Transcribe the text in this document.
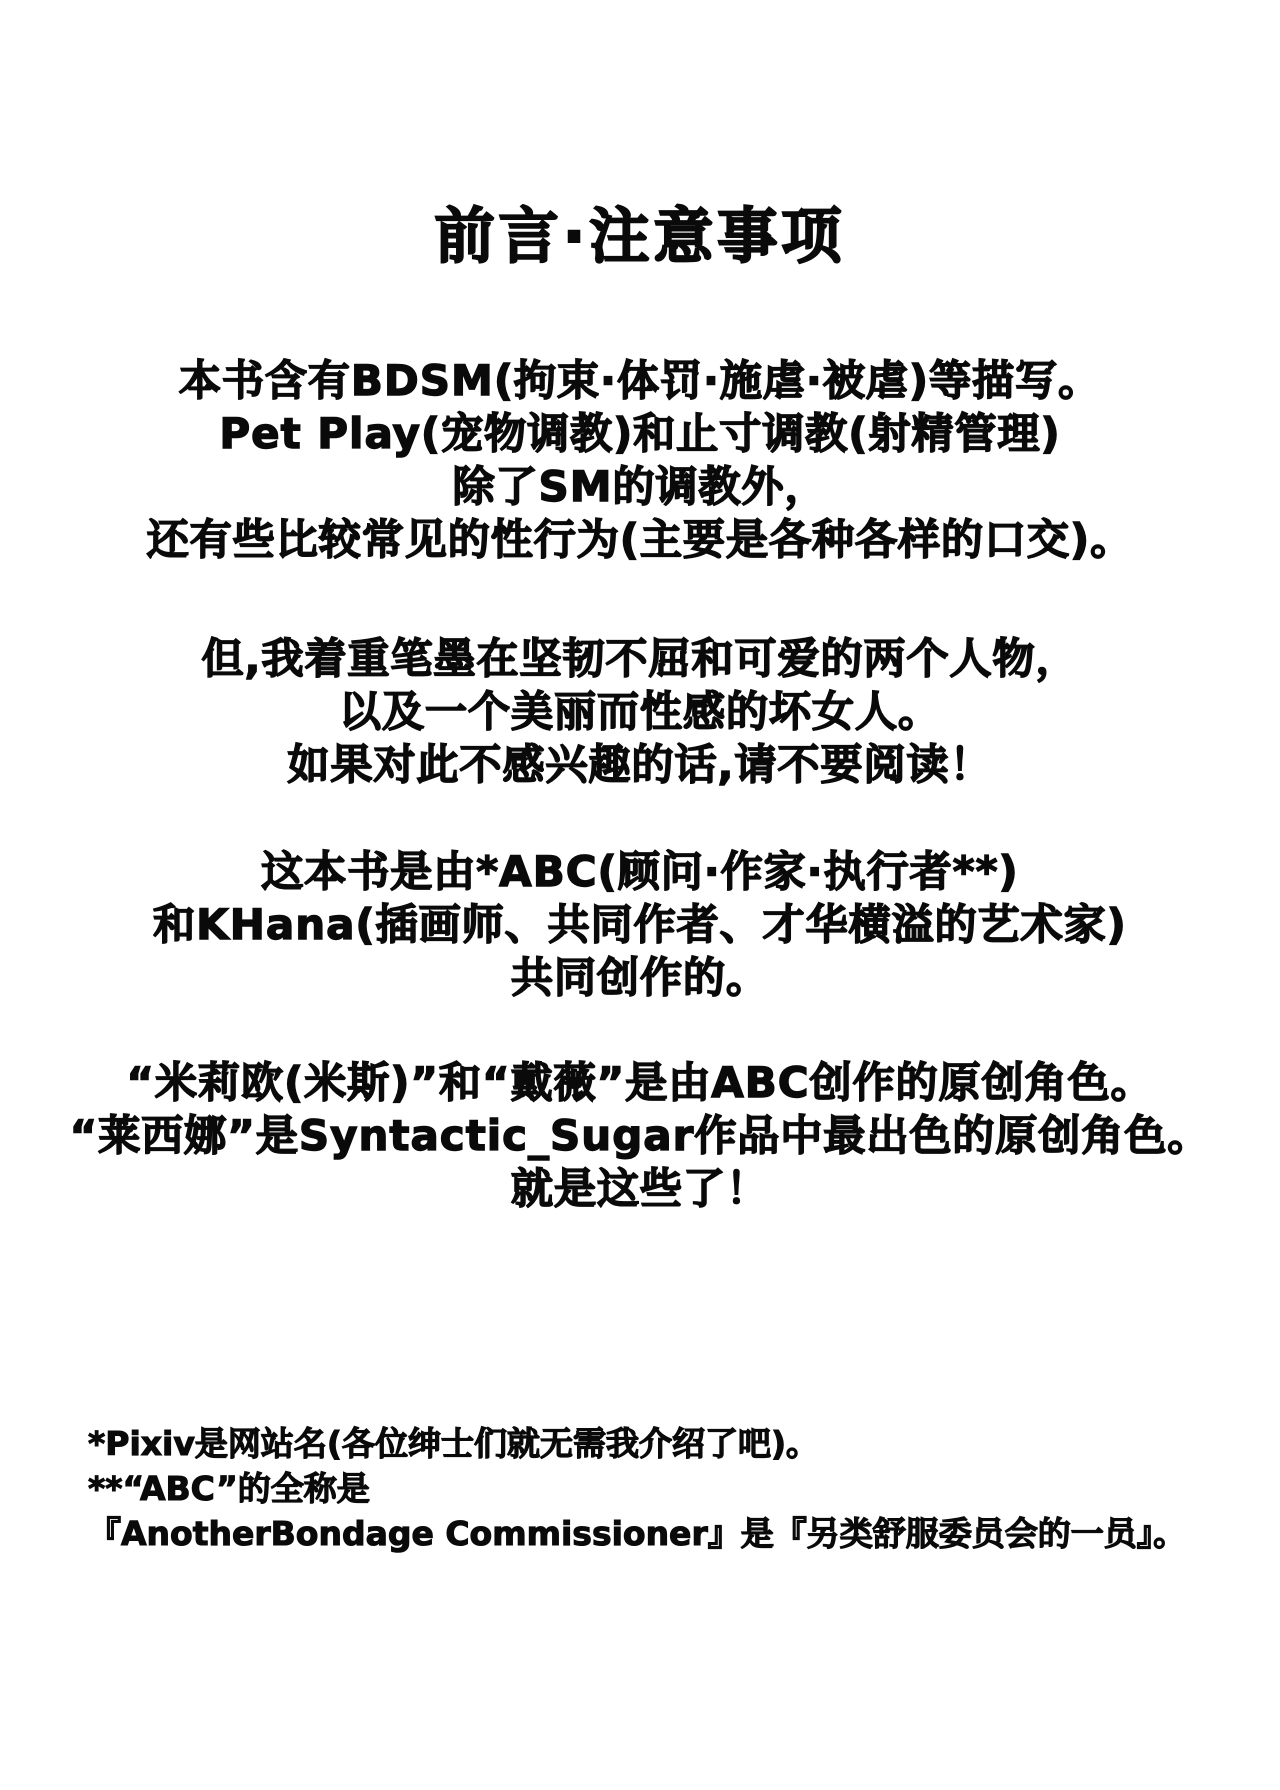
前言·注意事项
本书含有BDSM(拘束·体罚·施虐·被虐)等描写。
Pet Play(宠物调教)和止寸调教(射精管理)
除了SM的调教外，
还有些比较常见的性行为(主要是各种各样的口交)。
但,我着重笔墨在坚韧不屈和可爱的两个人物，
以及一个美丽而性感的坏女人。
如果对此不感兴趣的话,请不要阅读！
这本书是由*ABC(顾问·作家·执行者**)
和KHana(插画师、共同作者、才华横溢的艺术家)
共同创作的。
“米莉欧(米斯)”和“戴薇”是由ABC创作的原创角色。
“莱西娜”是Syntactic_Sugar作品中最出色的原创角色。
就是这些了！
*Pixiv是网站名(各位绅士们就无需我介绍了吧)。
**“ABC”的全称是
『AnotherBondage Commissioner』是『另类舒服委员会的一员』。
